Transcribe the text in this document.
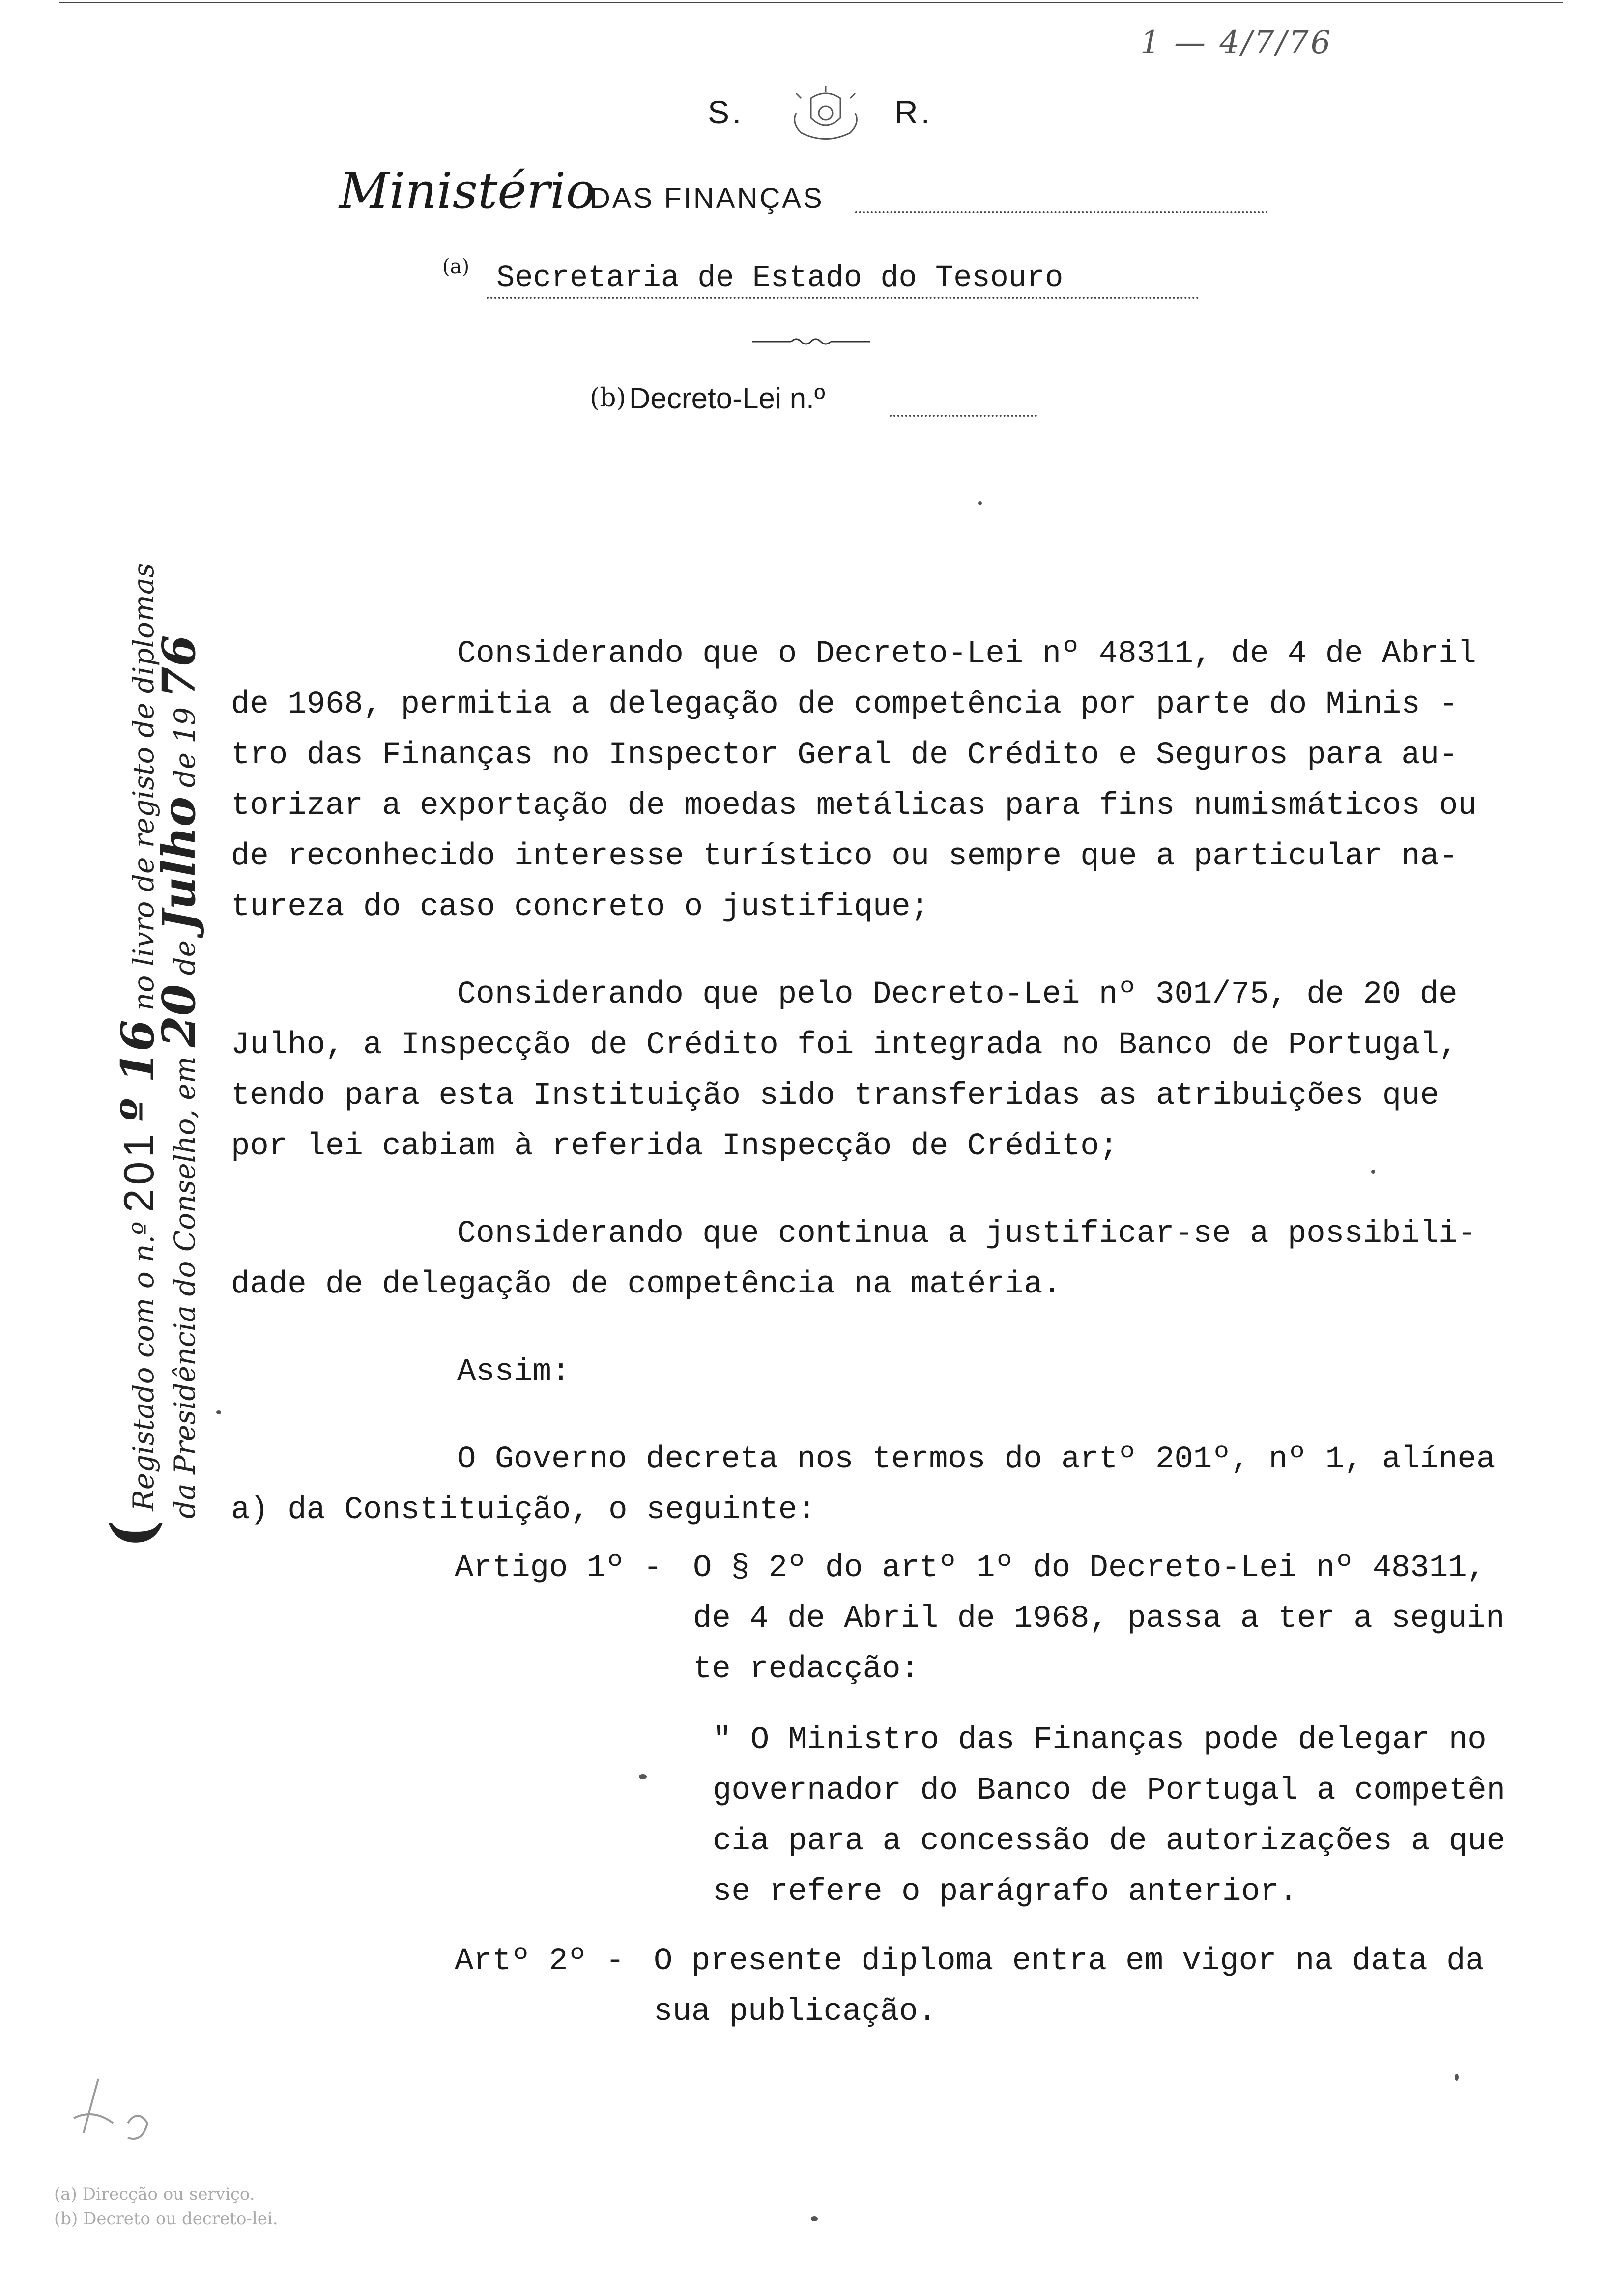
1 — 4/7/76
S.	R.
Ministério
DAS FINANÇAS
(a) Secretaria de Estado do Tesouro
(b) Decreto-Lei n.º
( Registado com o n.º 201 º 16 no livro de registo de diplomas
da Presidência do Conselho, em 20 de Julho de 19 76	Considerando que o Decreto-Lei nº 48311, de 4 de Abril

de 1968, permitia a delegação de competência por parte do Minis -

tro das Finanças no Inspector Geral de Crédito e Seguros para au-

torizar a exportação de moedas metálicas para fins numismáticos ou

de reconhecido interesse turístico ou sempre que a particular na-

tureza do caso concreto o justifique;

Considerando que pelo Decreto-Lei nº 301/75, de 20 de

Julho, a Inspecção de Crédito foi integrada no Banco de Portugal,

tendo para esta Instituição sido transferidas as atribuições que

por lei cabiam à referida Inspecção de Crédito;

Considerando que continua a justificar-se a possibili-

dade de delegação de competência na matéria.

Assim:

O Governo decreta nos termos do artº 201º, nº 1, alínea

a) da Constituição, o seguinte:

Artigo 1º - O § 2º do artº 1º do Decreto-Lei nº 48311,
de 4 de Abril de 1968, passa a ter a seguin
te redacção:
" O Ministro das Finanças pode delegar no
governador do Banco de Portugal a competên
cia para a concessão de autorizações a que
se refere o parágrafo anterior.
Artº 2º - O presente diploma entra em vigor na data da
sua publicação.
(a) Direcção ou serviço.
(b) Decreto ou decreto-lei.
